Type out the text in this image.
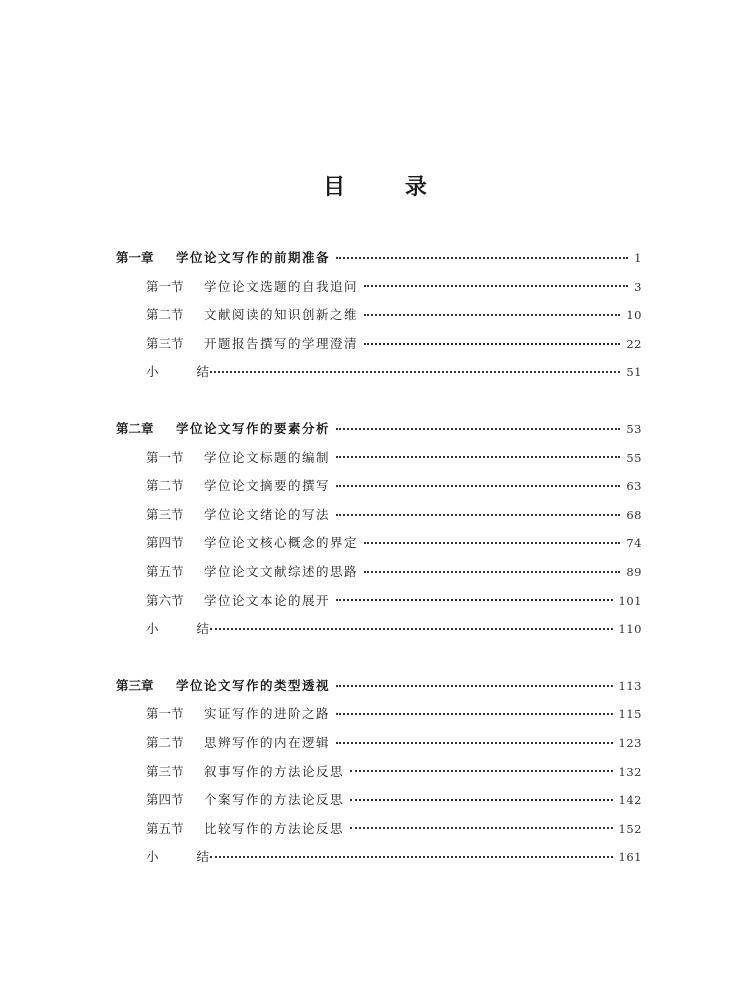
目 录
第一章	学位论文写作的前期准备	1
第一节	学位论文选题的自我追问	3
第二节	文献阅读的知识创新之维	10
第三节	开题报告撰写的学理澄清	22
小 结	51
第二章	学位论文写作的要素分析	53
第一节	学位论文标题的编制	55
第二节	学位论文摘要的撰写	63
第三节	学位论文绪论的写法	68
第四节	学位论文核心概念的界定	74
第五节	学位论文文献综述的思路	89
第六节	学位论文本论的展开	101
小 结	110
第三章	学位论文写作的类型透视	113
第一节	实证写作的进阶之路	115
第二节	思辨写作的内在逻辑	123
第三节	叙事写作的方法论反思	132
第四节	个案写作的方法论反思	142
第五节	比较写作的方法论反思	152
小 结	161
